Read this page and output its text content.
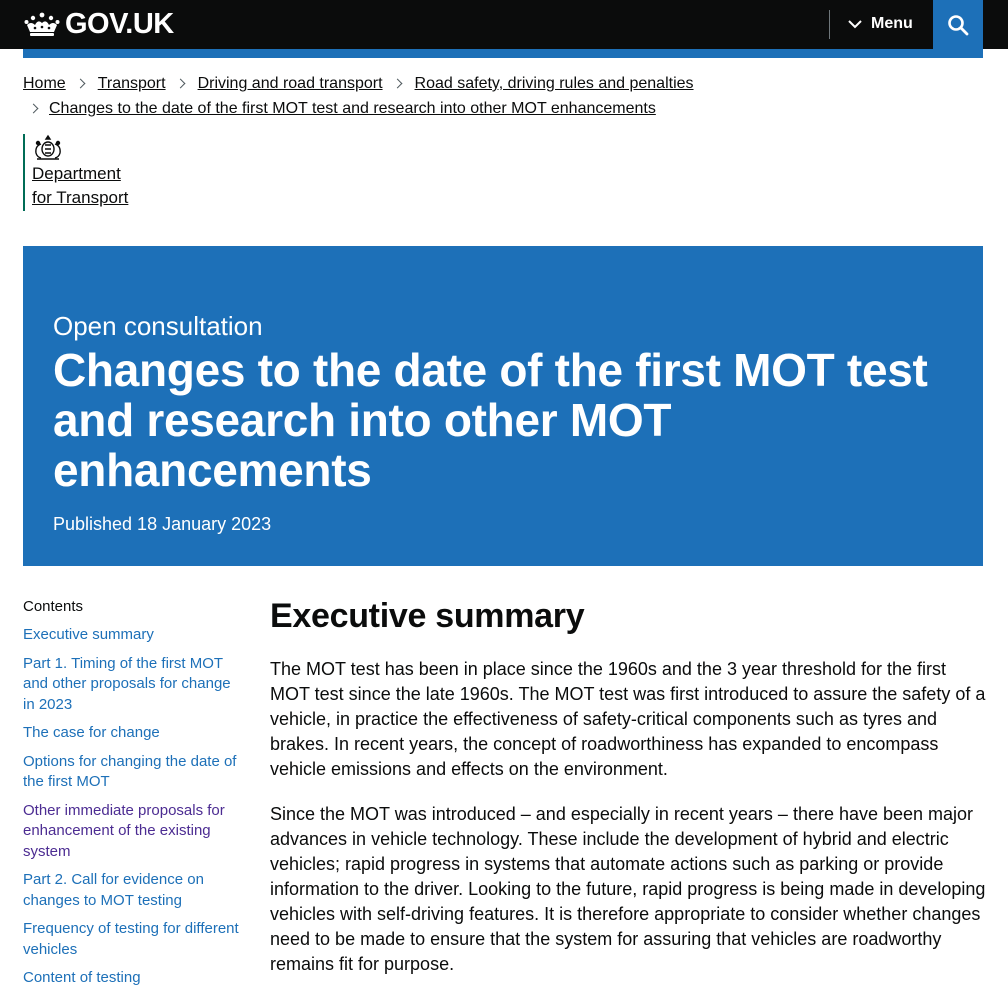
GOV.UK	Menu
Home Transport Driving and road transport Road safety, driving rules and penalties
Changes to the date of the first MOT test and research into other MOT enhancements
Department
for Transport
Open consultation
Changes to the date of the first MOT test and research into other MOT enhancements
Published 18 January 2023
Contents
Executive summary
Part 1. Timing of the first MOT and other proposals for change in 2023
The case for change
Options for changing the date of the first MOT
Other immediate proposals for enhancement of the existing system
Part 2. Call for evidence on changes to MOT testing
Frequency of testing for different vehicles
Content of testing
Executive summary

The MOT test has been in place since the 1960s and the 3 year threshold for the first MOT test since the late 1960s. The MOT test was first introduced to assure the safety of a vehicle, in practice the effectiveness of safety-critical components such as tyres and brakes. In recent years, the concept of roadworthiness has expanded to encompass vehicle emissions and effects on the environment.

Since the MOT was introduced – and especially in recent years – there have been major advances in vehicle technology. These include the development of hybrid and electric vehicles; rapid progress in systems that automate actions such as parking or provide information to the driver. Looking to the future, rapid progress is being made in developing vehicles with self-driving features. It is therefore appropriate to consider whether changes need to be made to ensure that the system for assuring that vehicles are roadworthy remains fit for purpose.
